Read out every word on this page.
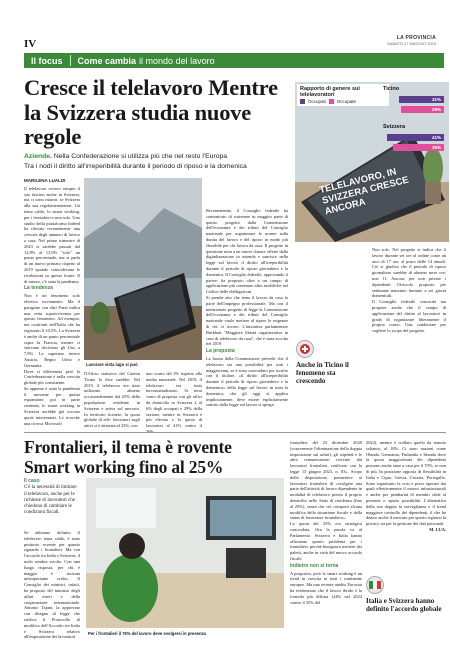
IV	LA PROVINCIA
SABATO 27 MAGGIO 2023
Il focus	Come cambia il mondo del lavoro
Cresce il telelavoro Mentre la Svizzera studia nuove regole
Aziende. Nella Confederazione si utilizza più che nel resto l'Europa
Tra i nodi il diritto all'irreperibilità durante il periodo di riposo e la domenica
Rapporto di genere sui telelavoratori
Occupati Occupate
Ticino
31%
29%
Svizzera
41%
36%
TELELAVORO, IN SVIZZERA CRESCE ANCORA
MARILENA LUALDI

Il telelavoro ovvero sempre il suo fascino anche in Svizzera, ma ci sono ostanti: se Svizzera alla sua regolamentazione. Un tema caldo, lo smart working, per i frontalieri e non solo. Uno studio della piattaforma Indeed ha rilevato recentemente una crescita degli annunci di lavoro a casa. Nel primo trimestre di 2023 si sarebbe passati dal 12,8% al 13,9% "solo" un punto percentuale, ma si parla di un nuovo primato rispetto al 2019 quando coincidevano le rivoluzioni su questo fronte. Il di mezzo, c'è stata la pandemia.

La tendenza

Non è un fenomeno solo elvetico ovviamente. Ma il paragone con altri Paesi indica una certa sopravvivenza per questo fenomeno. Ad esempio, nei confronti dell'Italia che ha registrato il 10,5%. La Svizzera è anche di un punto percentuale sopra la Francia, mentre ci staccano decisione gli Usa, a 7,9%. La superano invece Austria, Regno Unito e Germania.

Dove si differenzia però la Confederazione è nella crescita globale più consistente.

Se appunto è stata la pandemia il movente per questa espansione, poi in parte rientrata, lo smart working in Svizzera avrebbe già toccato quote interessanti. Le ricerche una ricerca Microsoft

Lavorare vista lago si può

l'Ufficio statistico del Canton Ticino lo dice sarebbe. Nel 2019, il telelavoro era stato utilizzato almeno occasionalmente dal 25% della popolazione residente in Svizzera e attiva sul mercato. In territorio ticinese, la quota globale di tele- lavoratori sugli attivi si è attestata al 23%, con

uno scarto del 2% rispetto alla media nazionale. Nel 2019, il telelavoro era stato inconsuetudinario. Si terra conto di proposta con gli uffici da domicilio in Svizzera 2 al 6% degli occupati e 29% della sezione, mentre in Svizzera è più elevata e la quota di lavoratori al 41% contro il

Recentemente, il Consiglio federale ha comunicato di sostenere in maggior parte di questo progetto dalla Commissione dell'economia e dei tributi del Consiglio nazionale per organizzare le norme sulla durata del lavoro e del riposo in modo più flessibile per chi lavora da casa. Il progetto in questione mira a ne nuove chance offerte dalla digitalizzazione in azienda e sancisce nella legge sul lavoro il diritto all'irreperibilità durante il periodo di riposo giornaliero e la domenica. Il Consiglio federale, approvando il parere, ha proposto oltre a un campo di applicazione più contenuto altre modifiche nel Codice delle obbligazioni.

Si prende atto che tema il lavoro da casa fa parte dell'impegno professionale. Ma con il menzionato progetto di legge la Commissione dell'economia e dei tributi del Consiglio nazionale vuole mettere al riparo le esigenze di chi vi ricorre. L'iniziativa parlamentare Burkhart "Maggiore libertà organizzativa in caso di telelavoro da casa", che è stata accolta nel 2019.

La proposta

La bozza della Commissione prevede che il telelavoro sia una possibilità per tutti i maggiorenni, se è stato concordato per iscritto con il titolare, «il diritto all'irreperibilità durante il periodo di riposo giornaliero e la domenica» della legge sul lavoro in tutta la domenica, che gli oggi si applica implicitamente, deve essere esplicitamente sancito dalla legge sul lavoro si spiega.

Non solo. Nel progetto si indica che il lavoro durante sei ore al ordine come un arco di 17 ore, al posto delle 14 attuali. Ciò si giudica che il periodo di riposo giornaliero sarebbe di almeno nove ore, non 11. Ancora, per non privare i dipendenti l'Articolo proposto per settimane massimo limitato a sei giorni domenicali.

Il Consiglio federale concorda ma propone anche che il campo di applicazione del diritto al lavoratori in grado di organizzare liberamente il proprio orario. Una condizione per cogliere lo scopo del progetto.

Anche in Ticino il fenomeno sta crescendo
Frontalieri, il tema è rovente Smart working fino al 25%
Il caso
C'è la necessità di limitare il telelavoro, anche per le richieste di lavoratori che chiedono di cambiare le condizioni fiscali.

Se abbiamo definito il telelavoro tema caldo, è stato piuttosto rovente per quanto riguarda i frontalieri. Ma con l'accordo tra Italia e Svizzera, il nodo sembra sciolto. Con una lunga risposta, per chi è maggio è arrivata un'importante svolta. Il Consiglio dei ministri, infatti, ha proposto del ministro degli affari esteri e della cooperazione internazionale. Antonio Tajani, la approvato con disegno di legge che ratifica il Protocollo di modifica dell'Accordo tra Italia e Svizzera relativo all'imposizione dei lavoratori

Per i frontalieri il 75% del lavoro deve svolgersi in presenza

frontalieri del 23 dicembre 2020 (concernente l'eliminazione della doppia imposizione sui salari), gli stipendi e le altre remunerazioni ricevute dai lavoratori frontalieri, ratificato con la legge 13 giugno 2023, n. 83». Scopo della disposizione, permettere ai lavoratori frontalieri di «svolgere una parte dell'attività di lavoro dipendente in modalità di telelavoro presso il proprio domicilio nello Stato di residenza (fino al 25%), senza che ciò comporti alcuna modifica della situazione fiscale e della status di lavoratore frontaliero».

La quota del 25% era strategica concordata. Ora la parola va al Parlamento. Svizzera e Italia hanno affrontato questo problema per i frontalieri, perché bisognava mettere dei paletti, anche in virtù del nuovo accordo fiscale.

Indietro non si torna

A proposito, però lo smart working è un trend in crescita in tutti i continente europeo. Ma una recente analisi Eurostat ha evidenziato che il lavoro ibrido è la formula più diffusa (44% nel 2024 contro il 35% del

2022), mentre è crollato quello da remoto soltanto, al 10%. Ci sono nazioni come Olanda, Germania, Finlandia e Irlanda dove la quota maggioritaria dei dipendenti possono anche stare a casa per il 70%, se non di più. In posizione opposta di flessibilità in Italia e Cipro, Grecia, Croazia, Portogallo. Sono soprattutto la crisi e poter operare dai quali effettivamente il motori infrastrutturali e anche per pendiarità di membri sfide al presente e spazio possibilità. L'alternativa della sua doppia la sorveglianza e il trend maggiore controllo dei dipendenti, il che ha dentro anche il mercato per questo rigirarsi la privacy sia per la gestione dei dati personali.

M. LUA.
Italia e Svizzera hanno definito l'accordo globale
